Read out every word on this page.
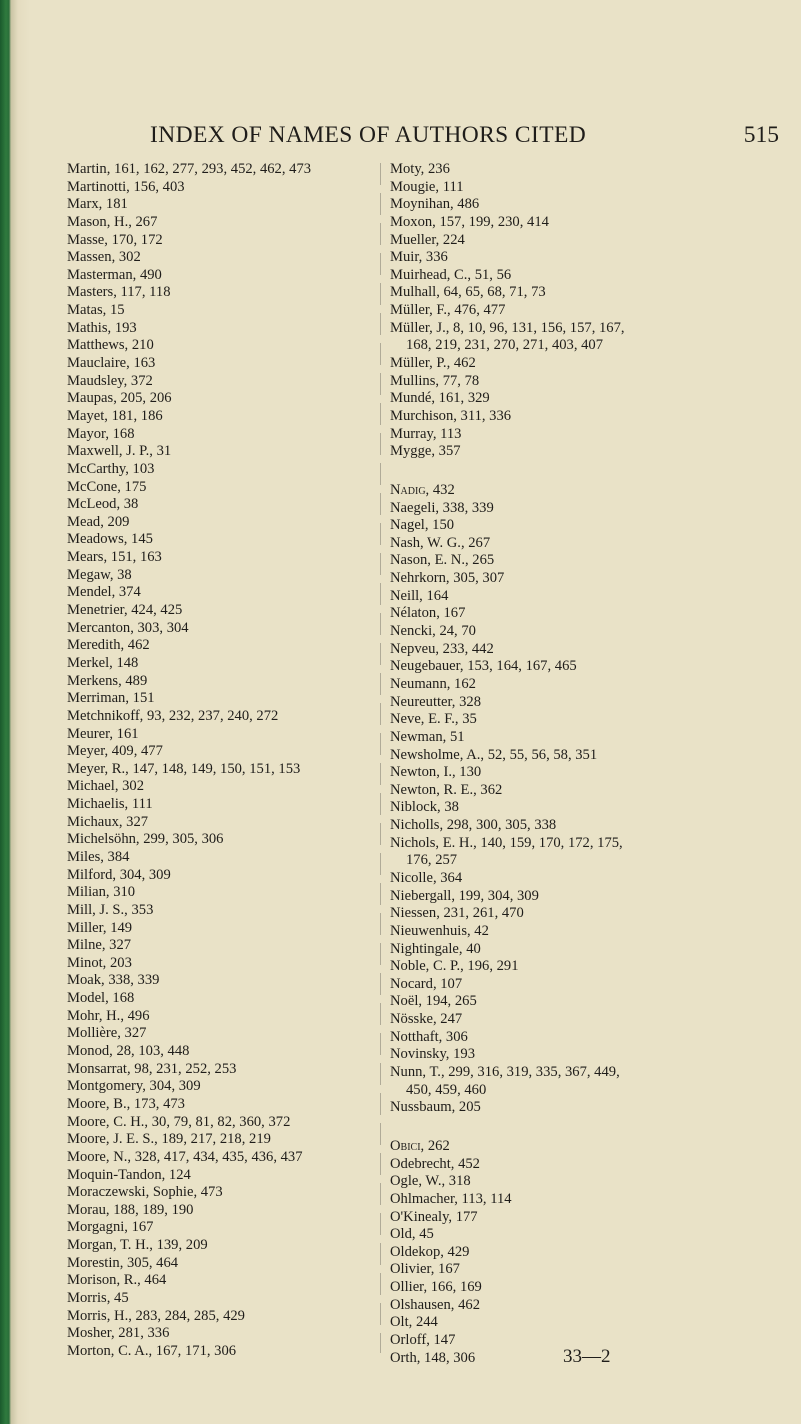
INDEX OF NAMES OF AUTHORS CITED	515
Martin, 161, 162, 277, 293, 452, 462, 473
Martinotti, 156, 403
Marx, 181
Mason, H., 267
Masse, 170, 172
Massen, 302
Masterman, 490
Masters, 117, 118
Matas, 15
Mathis, 193
Matthews, 210
Mauclaire, 163
Maudsley, 372
Maupas, 205, 206
Mayet, 181, 186
Mayor, 168
Maxwell, J. P., 31
McCarthy, 103
McCone, 175
McLeod, 38
Mead, 209
Meadows, 145
Mears, 151, 163
Megaw, 38
Mendel, 374
Menetrier, 424, 425
Mercanton, 303, 304
Meredith, 462
Merkel, 148
Merkens, 489
Merriman, 151
Metchnikoff, 93, 232, 237, 240, 272
Meurer, 161
Meyer, 409, 477
Meyer, R., 147, 148, 149, 150, 151, 153
Michael, 302
Michaelis, 111
Michaux, 327
Michelsöhn, 299, 305, 306
Miles, 384
Milford, 304, 309
Milian, 310
Mill, J. S., 353
Miller, 149
Milne, 327
Minot, 203
Moak, 338, 339
Model, 168
Mohr, H., 496
Mollière, 327
Monod, 28, 103, 448
Monsarrat, 98, 231, 252, 253
Montgomery, 304, 309
Moore, B., 173, 473
Moore, C. H., 30, 79, 81, 82, 360, 372
Moore, J. E. S., 189, 217, 218, 219
Moore, N., 328, 417, 434, 435, 436, 437
Moquin-Tandon, 124
Moraczewski, Sophie, 473
Morau, 188, 189, 190
Morgagni, 167
Morgan, T. H., 139, 209
Morestin, 305, 464
Morison, R., 464
Morris, 45
Morris, H., 283, 284, 285, 429
Mosher, 281, 336
Morton, C. A., 167, 171, 306
Moty, 236
Mougie, 111
Moynihan, 486
Moxon, 157, 199, 230, 414
Mueller, 224
Muir, 336
Muirhead, C., 51, 56
Mulhall, 64, 65, 68, 71, 73
Müller, F., 476, 477
Müller, J., 8, 10, 96, 131, 156, 157, 167,
168, 219, 231, 270, 271, 403, 407
Müller, P., 462
Mullins, 77, 78
Mundé, 161, 329
Murchison, 311, 336
Murray, 113
Mygge, 357
Nadig, 432
Naegeli, 338, 339
Nagel, 150
Nash, W. G., 267
Nason, E. N., 265
Nehrkorn, 305, 307
Neill, 164
Nélaton, 167
Nencki, 24, 70
Nepveu, 233, 442
Neugebauer, 153, 164, 167, 465
Neumann, 162
Neureutter, 328
Neve, E. F., 35
Newman, 51
Newsholme, A., 52, 55, 56, 58, 351
Newton, I., 130
Newton, R. E., 362
Niblock, 38
Nicholls, 298, 300, 305, 338
Nichols, E. H., 140, 159, 170, 172, 175,
176, 257
Nicolle, 364
Niebergall, 199, 304, 309
Niessen, 231, 261, 470
Nieuwenhuis, 42
Nightingale, 40
Noble, C. P., 196, 291
Nocard, 107
Noël, 194, 265
Nösske, 247
Notthaft, 306
Novinsky, 193
Nunn, T., 299, 316, 319, 335, 367, 449,
450, 459, 460
Nussbaum, 205
Obici, 262
Odebrecht, 452
Ogle, W., 318
Ohlmacher, 113, 114
O'Kinealy, 177
Old, 45
Oldekop, 429
Olivier, 167
Ollier, 166, 169
Olshausen, 462
Olt, 244
Orloff, 147
Orth, 148, 306	33—2
